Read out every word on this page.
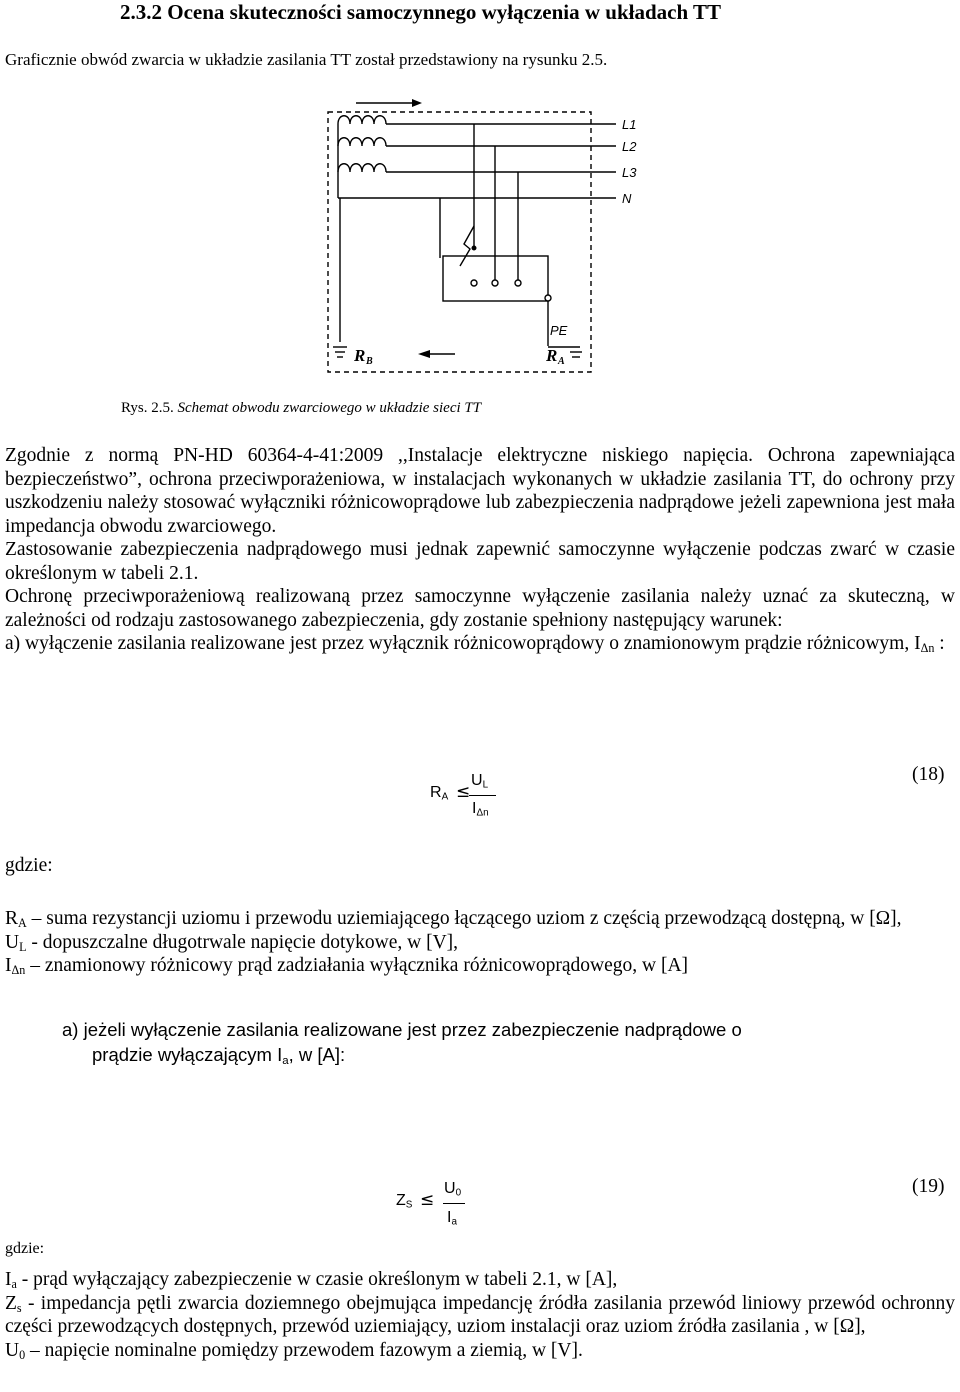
2.3.2 Ocena skuteczności samoczynnego wyłączenia w układach TT
Graficznie obwód zwarcia w układzie zasilania TT został przedstawiony na rysunku 2.5.
L1
L2
L3
N
PE
R B	R A
Rys. 2.5. Schemat obwodu zwarciowego w układzie sieci TT

Zgodnie z normą PN-HD 60364-4-41:2009 ,,Instalacje elektryczne niskiego napięcia. Ochrona zapewniająca bezpieczeństwo”, ochrona przeciwporażeniowa, w instalacjach wykonanych w układzie zasilania TT, do ochrony przy uszkodzeniu należy stosować wyłączniki różnicowoprądowe lub zabezpieczenia nadprądowe jeżeli zapewniona jest mała impedancja obwodu zwarciowego.

Zastosowanie zabezpieczenia nadprądowego musi jednak zapewnić samoczynne wyłączenie podczas zwarć w czasie określonym w tabeli 2.1.

Ochronę przeciwporażeniową realizowaną przez samoczynne wyłączenie zasilania należy uznać za skuteczną, w zależności od rodzaju zastosowanego zabezpieczenia, gdy zostanie spełniony następujący warunek:

a) wyłączenie zasilania realizowane jest przez wyłącznik różnicowoprądowy o znamionowym prądzie różnicowym, $I_{\Delta n}$ :

$R_A$ ≤
$U_L$
$I_{\Delta n}$
(18)
gdzie:

$R_A$ – suma rezystancji uziomu i przewodu uziemiającego łączącego uziom z częścią przewodzącą dostępną, w [Ω],

$U_L$ - dopuszczalne długotrwale napięcie dotykowe, w [V],

$I_{\Delta n}$ – znamionowy różnicowy prąd zadziałania wyłącznika różnicowoprądowego, w [A]

a) jeżeli wyłączenie zasilania realizowane jest przez zabezpieczenie nadprądowe o

prądzie wyłączającym $I_a$, w [A]:

$Z_S$ ≤
$U_0$
$I_a$
(19)
gdzie:

$I_a$ - prąd wyłączający zabezpieczenie w czasie określonym w tabeli 2.1, w [A],

$Z_s$ - impedancja pętli zwarcia doziemnego obejmująca impedancję źródła zasilania przewód liniowy przewód ochronny części przewodzących dostępnych, przewód uziemiający, uziom instalacji oraz uziom źródła zasilania , w [Ω],

$U_0$ – napięcie nominalne pomiędzy przewodem fazowym a ziemią, w [V].
